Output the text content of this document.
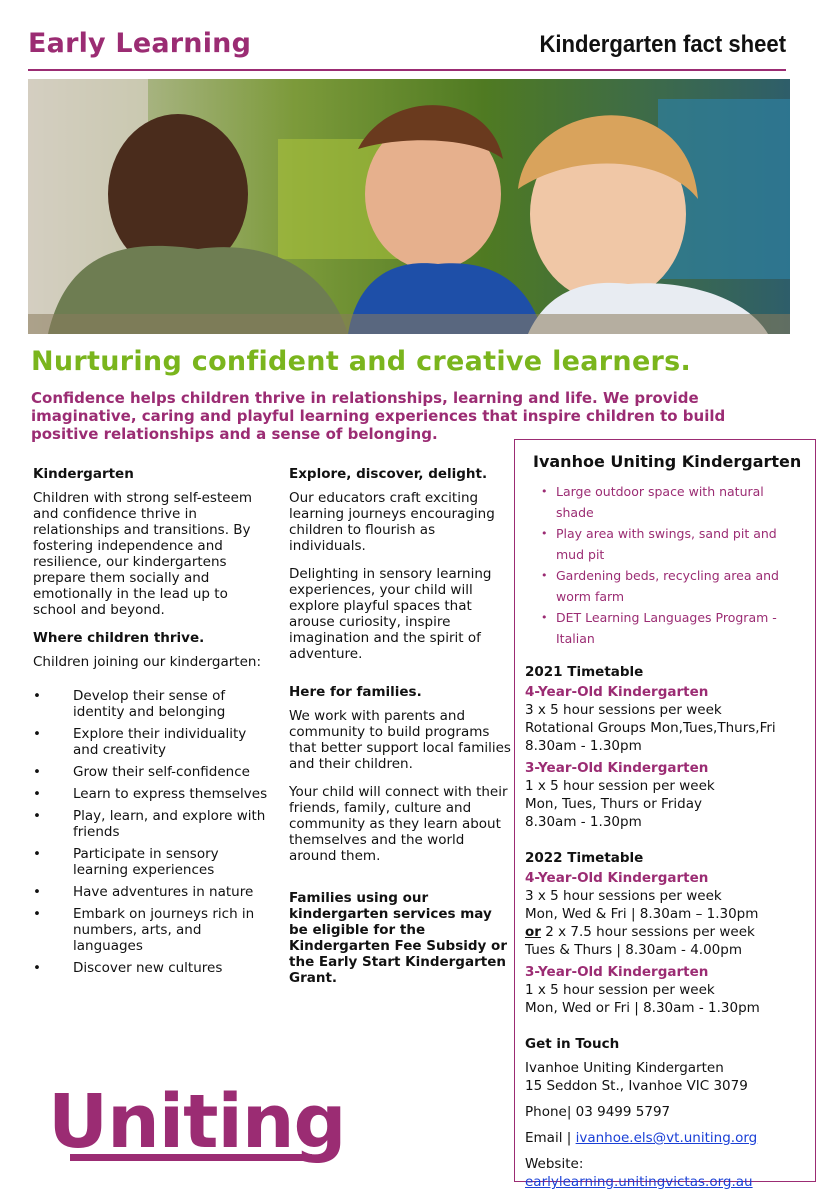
Early Learning	Kindergarten fact sheet
Nurturing confident and creative learners.
Confidence helps children thrive in relationships, learning and life. We provide imaginative, caring and playful learning experiences that inspire children to build positive relationships and a sense of belonging.
Kindergarten

Children with strong self-esteem and confidence thrive in relationships and transitions. By fostering independence and resilience, our kindergartens prepare them socially and emotionally in the lead up to school and beyond.

Where children thrive.

Children joining our kindergarten:

• Develop their sense of identity and belonging
• Explore their individuality and creativity
• Grow their self-confidence
• Learn to express themselves
• Play, learn, and explore with friends
• Participate in sensory learning experiences
• Have adventures in nature
• Embark on journeys rich in numbers, arts, and languages
• Discover new cultures
Explore, discover, delight.

Our educators craft exciting learning journeys encouraging children to flourish as individuals.

Delighting in sensory learning experiences, your child will explore playful spaces that arouse curiosity, inspire imagination and the spirit of adventure.

Here for families.

We work with parents and community to build programs that better support local families and their children.

Your child will connect with their friends, family, culture and community as they learn about themselves and the world around them.

Families using our kindergarten services may be eligible for the Kindergarten Fee Subsidy or the Early Start Kindergarten Grant.

Ivanhoe Uniting Kindergarten
• Large outdoor space with natural shade
• Play area with swings, sand pit and mud pit
• Gardening beds, recycling area and worm farm
• DET Learning Languages Program - Italian
2021 Timetable
4-Year-Old Kindergarten
3 x 5 hour sessions per week
Rotational Groups Mon,Tues,Thurs,Fri
8.30am - 1.30pm
3-Year-Old Kindergarten
1 x 5 hour session per week
Mon, Tues, Thurs or Friday
8.30am - 1.30pm
2022 Timetable
4-Year-Old Kindergarten
3 x 5 hour sessions per week
Mon, Wed & Fri | 8.30am – 1.30pm
or 2 x 7.5 hour sessions per week
Tues & Thurs | 8.30am - 4.00pm
3-Year-Old Kindergarten
1 x 5 hour session per week
Mon, Wed or Fri | 8.30am - 1.30pm
Get in Touch

Ivanhoe Uniting Kindergarten
15 Seddon St., Ivanhoe VIC 3079

Phone| 03 9499 5797

Email | ivanhoe.els@vt.uniting.org

Website:
earlylearning.unitingvictas.org.au

Uniting
